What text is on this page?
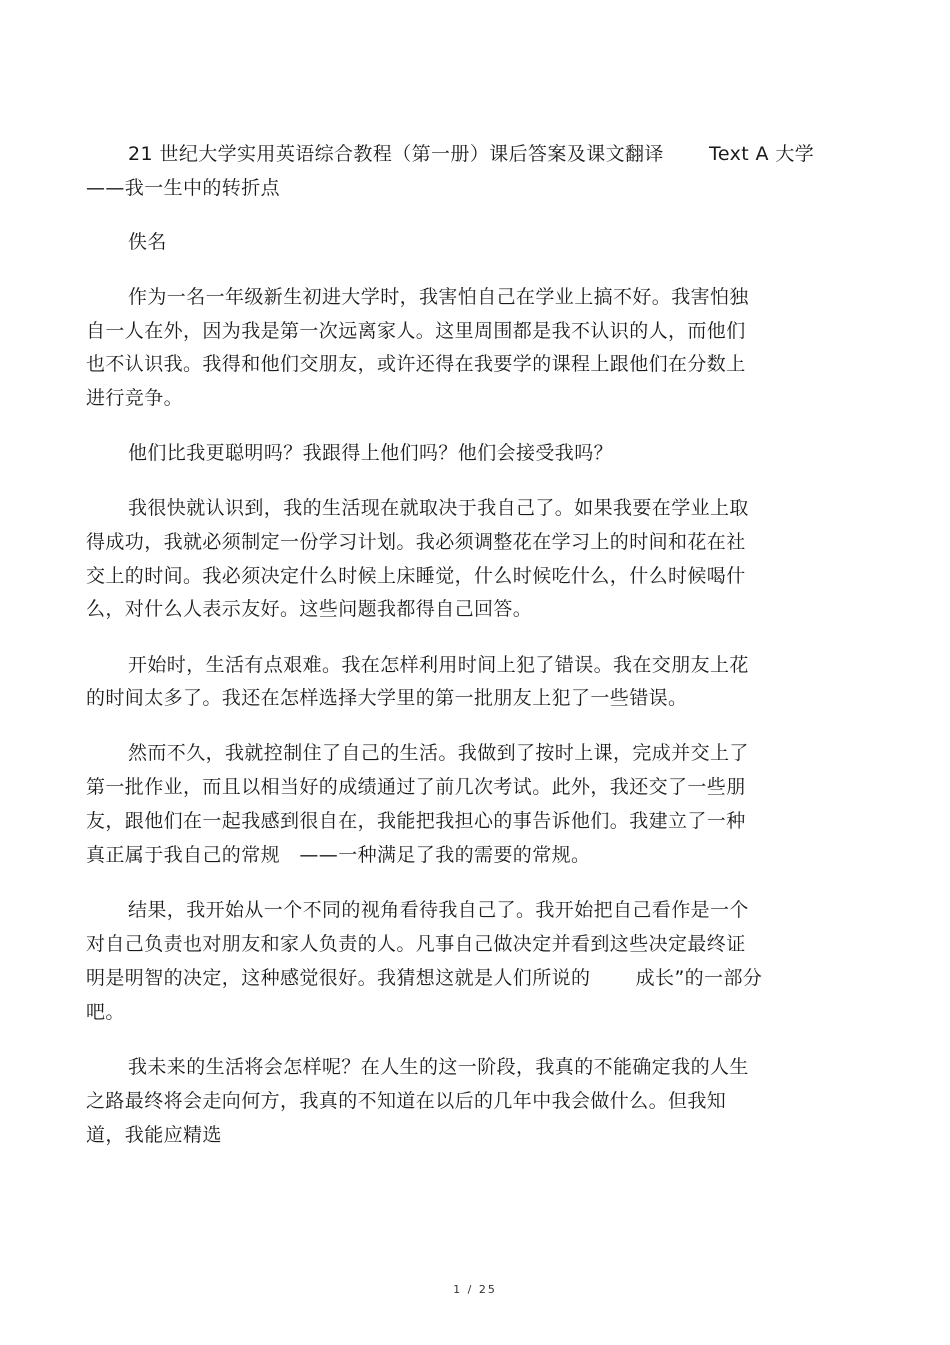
21 世纪大学实用英语综合教程（第一册）课后答案及课文翻译　　 Text A 大学
——我一生中的转折点
佚名
作为一名一年级新生初进大学时，我害怕自己在学业上搞不好。我害怕独
自一人在外，因为我是第一次远离家人。这里周围都是我不认识的人，而他们
也不认识我。我得和他们交朋友，或许还得在我要学的课程上跟他们在分数上
进行竞争。
他们比我更聪明吗？我跟得上他们吗？他们会接受我吗？
我很快就认识到，我的生活现在就取决于我自己了。如果我要在学业上取
得成功，我就必须制定一份学习计划。我必须调整花在学习上的时间和花在社
交上的时间。我必须决定什么时候上床睡觉，什么时候吃什么，什么时候喝什
么，对什么人表示友好。这些问题我都得自己回答。
开始时，生活有点艰难。我在怎样利用时间上犯了错误。我在交朋友上花
的时间太多了。我还在怎样选择大学里的第一批朋友上犯了一些错误。
然而不久，我就控制住了自己的生活。我做到了按时上课，完成并交上了
第一批作业，而且以相当好的成绩通过了前几次考试。此外，我还交了一些朋
友，跟他们在一起我感到很自在，我能把我担心的事告诉他们。我建立了一种
真正属于我自己的常规　——一种满足了我的需要的常规。
结果，我开始从一个不同的视角看待我自己了。我开始把自己看作是一个
对自己负责也对朋友和家人负责的人。凡事自己做决定并看到这些决定最终证
明是明智的决定，这种感觉很好。我猜想这就是人们所说的　　 成长”的一部分
吧。
我未来的生活将会怎样呢？在人生的这一阶段，我真的不能确定我的人生
之路最终将会走向何方，我真的不知道在以后的几年中我会做什么。但我知
道，我能应精选
1 / 25
